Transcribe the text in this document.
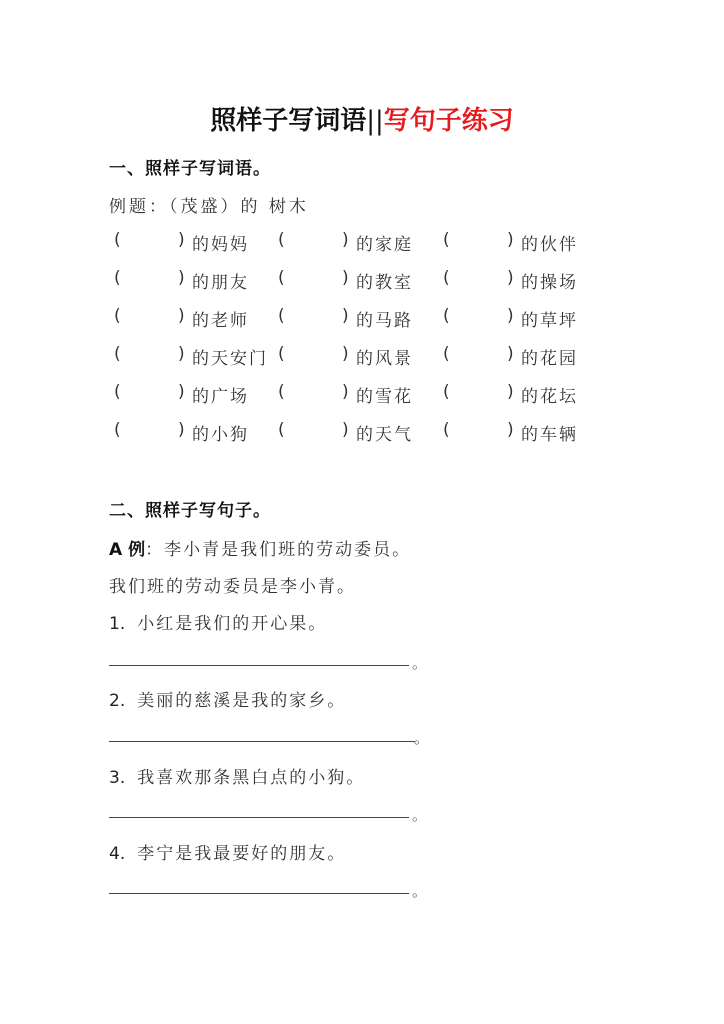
照样子写词语||写句子练习
一、照样子写词语。
例题：（茂盛）的 树木
(	) 的妈妈 (	) 的家庭 (	) 的伙伴
(	) 的朋友 (	) 的教室 (	) 的操场
(	) 的老师 (	) 的马路 (	) 的草坪
(	) 的天安门 (	) 的风景 (	) 的花园
(	) 的广场 (	) 的雪花 (	) 的花坛
(	) 的小狗 (	) 的天气 (	) 的车辆
二、照样子写句子。
A 例：李小青是我们班的劳动委员。
我们班的劳动委员是李小青。
1. 小红是我们的开心果。
。
2. 美丽的慈溪是我的家乡。
。
3. 我喜欢那条黑白点的小狗。
。
4. 李宁是我最要好的朋友。
。
